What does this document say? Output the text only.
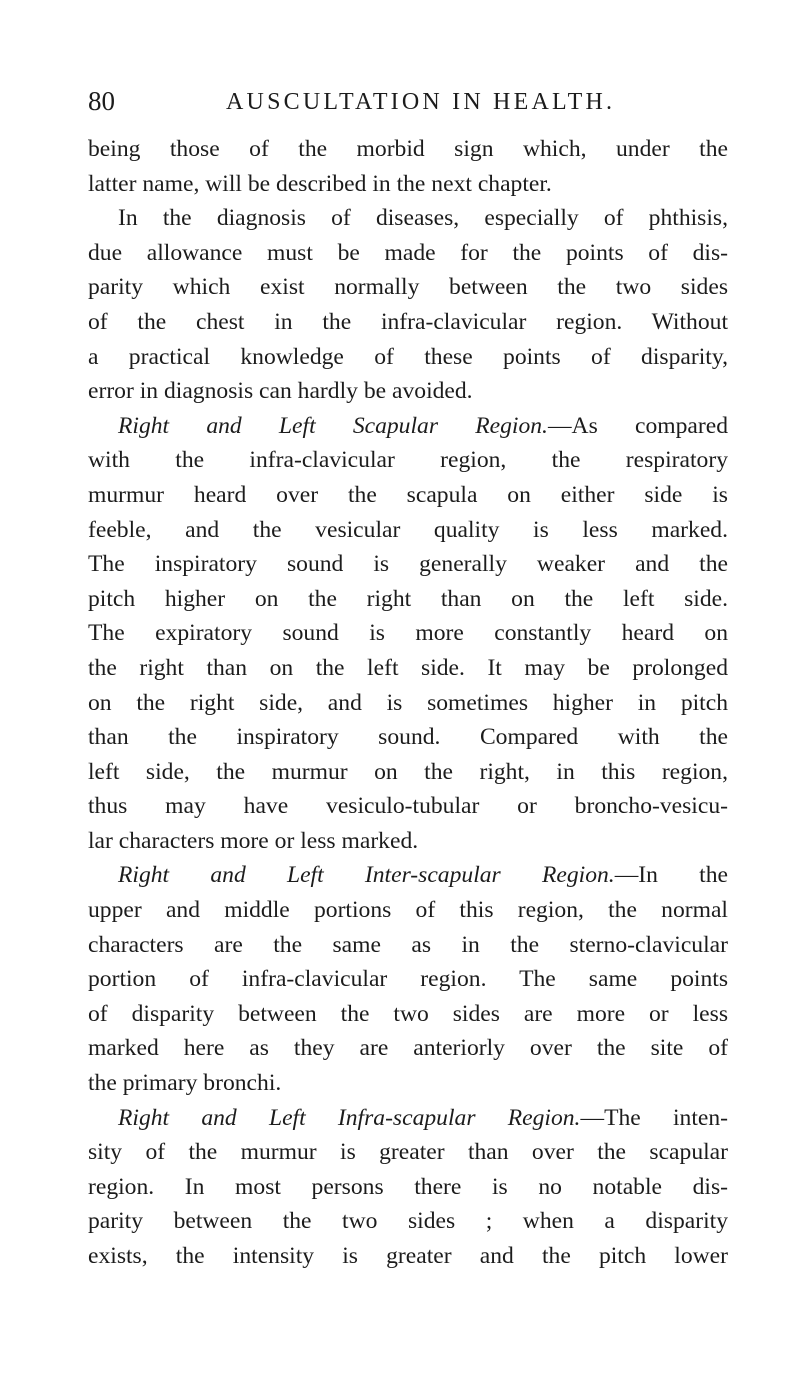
80	AUSCULTATION IN HEALTH.
being those of the morbid sign which, under the
latter name, will be described in the next chapter.
In the diagnosis of diseases, especially of phthisis,
due allowance must be made for the points of dis-
parity which exist normally between the two sides
of the chest in the infra-clavicular region. Without
a practical knowledge of these points of disparity,
error in diagnosis can hardly be avoided.
Right and Left Scapular Region.—As compared
with the infra-clavicular region, the respiratory
murmur heard over the scapula on either side is
feeble, and the vesicular quality is less marked.
The inspiratory sound is generally weaker and the
pitch higher on the right than on the left side.
The expiratory sound is more constantly heard on
the right than on the left side. It may be prolonged
on the right side, and is sometimes higher in pitch
than the inspiratory sound. Compared with the
left side, the murmur on the right, in this region,
thus may have vesiculo-tubular or broncho-vesicu-
lar characters more or less marked.
Right and Left Inter-scapular Region.—In the
upper and middle portions of this region, the normal
characters are the same as in the sterno-clavicular
portion of infra-clavicular region. The same points
of disparity between the two sides are more or less
marked here as they are anteriorly over the site of
the primary bronchi.
Right and Left Infra-scapular Region.—The inten-
sity of the murmur is greater than over the scapular
region. In most persons there is no notable dis-
parity between the two sides ; when a disparity
exists, the intensity is greater and the pitch lower
